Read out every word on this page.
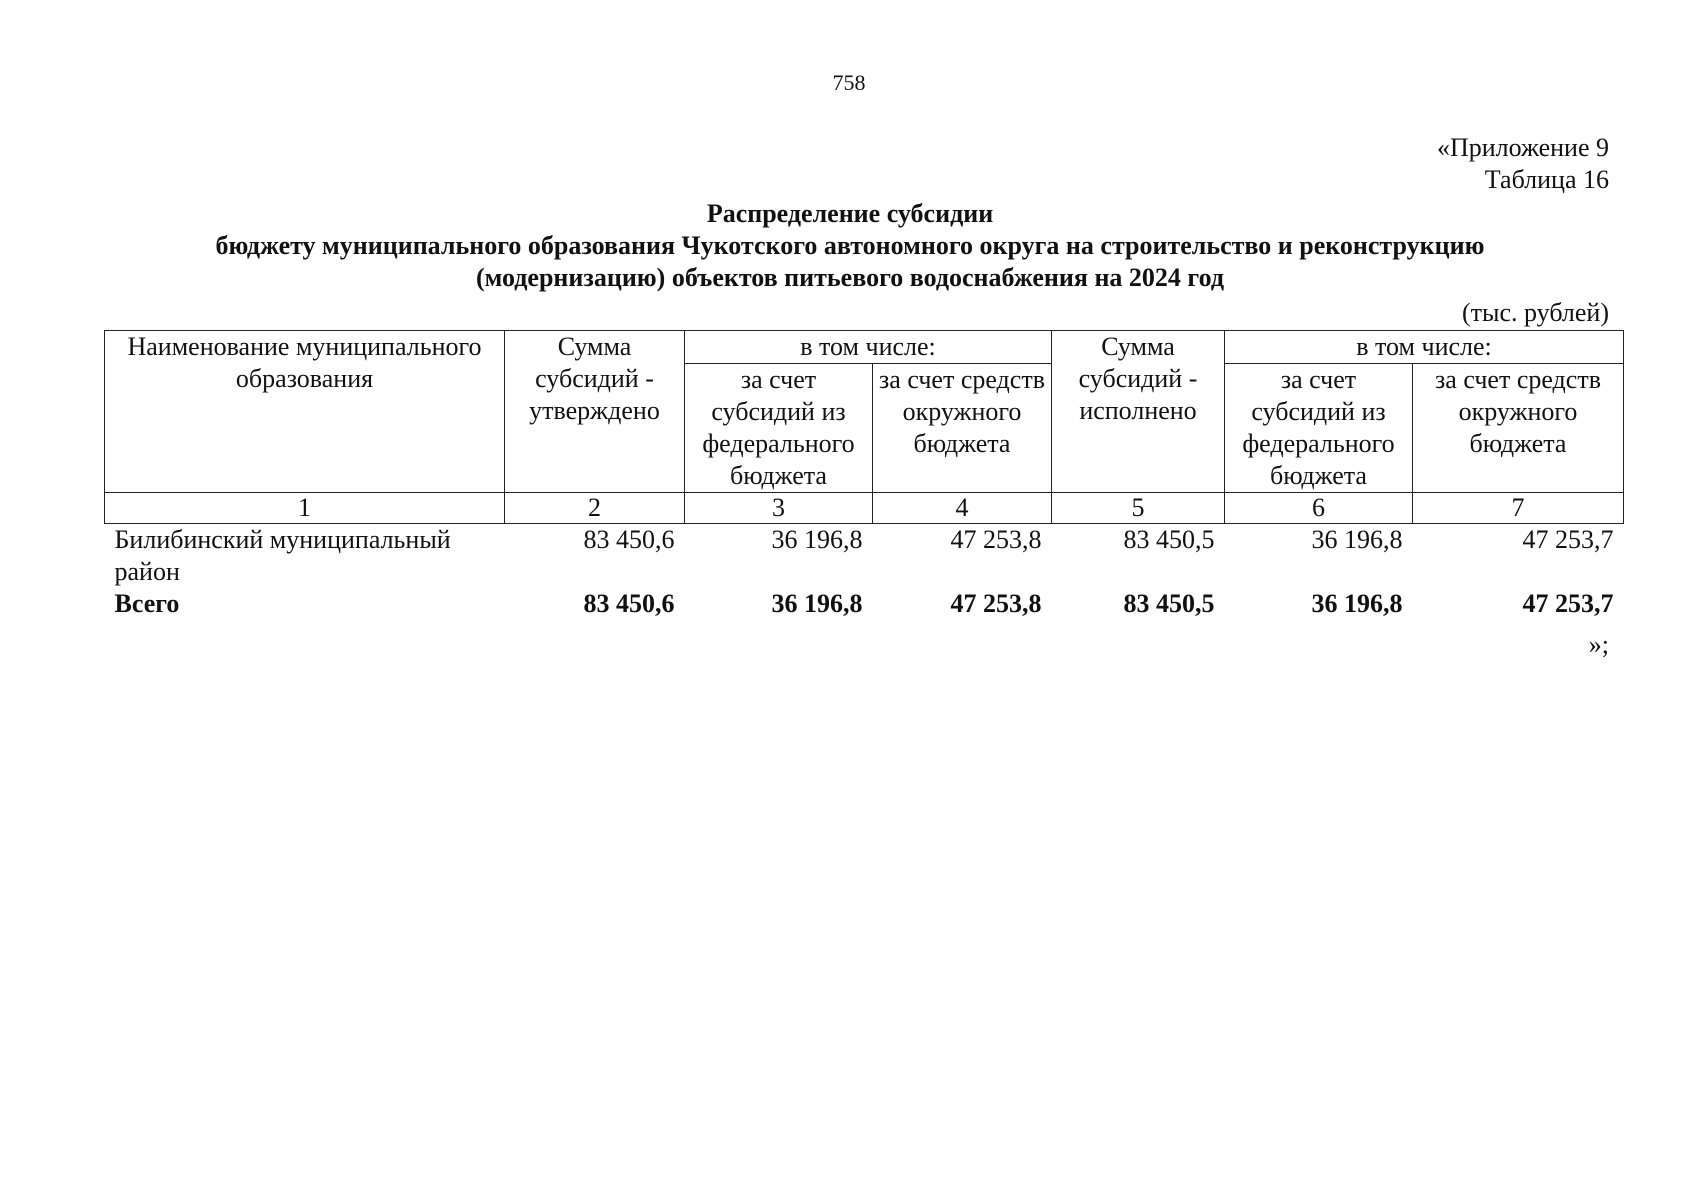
758
«Приложение 9
Таблица 16
Распределение субсидии
бюджету муниципального образования Чукотского автономного округа на строительство и реконструкцию
(модернизацию) объектов питьевого водоснабжения на 2024 год
(тыс. рублей)
Наименование муниципального образования	Сумма субсидий - утверждено	в том числе:		Сумма субсидий - исполнено	в том числе:	
		за счет субсидий из федерального бюджета	за счет средств окружного бюджета		за счет субсидий из федерального бюджета	за счет средств окружного бюджета
1	2	3	4	5	6	7
Билибинский муниципальный район	83 450,6	36 196,8	47 253,8	83 450,5	36 196,8	47 253,7
Всего	83 450,6	36 196,8	47 253,8	83 450,5	36 196,8	47 253,7
»;
